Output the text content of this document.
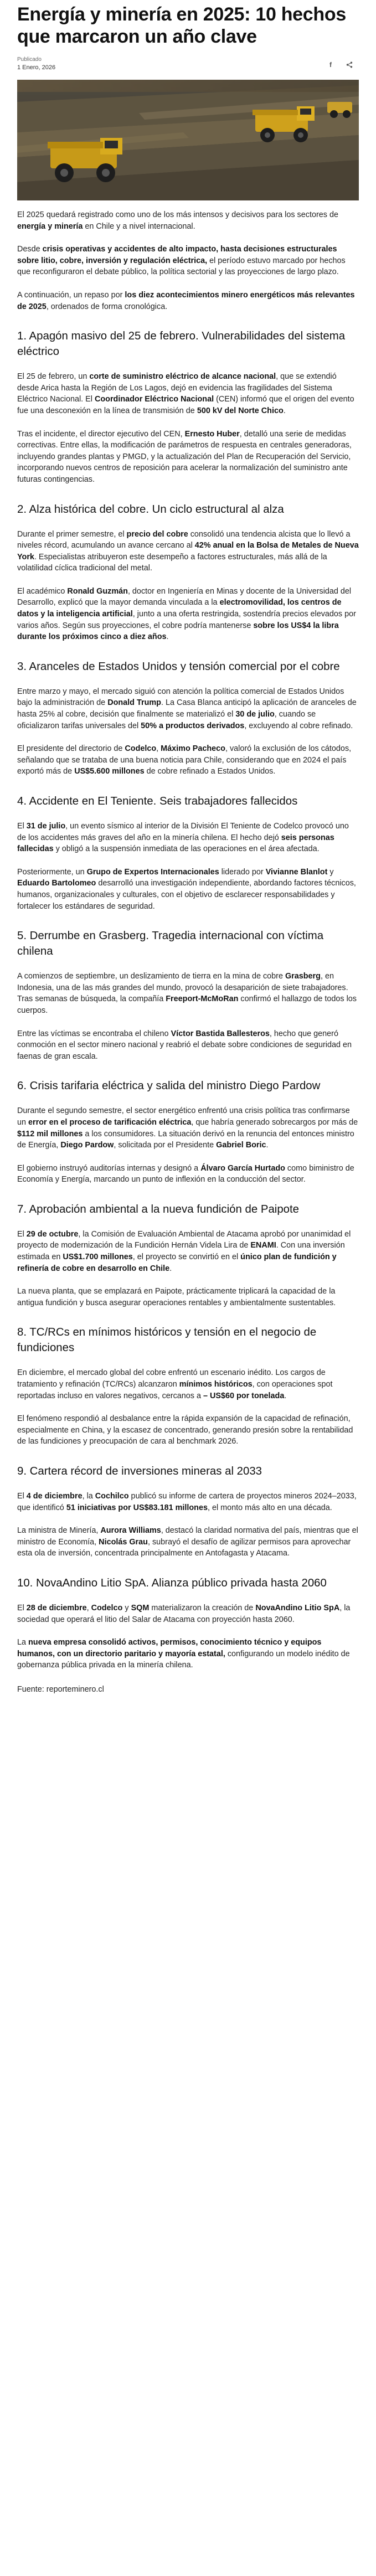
Energía y minería en 2025: 10 hechos que marcaron un año clave
Publicado
1 Enero, 2026	f

El 2025 quedará registrado como uno de los más intensos y decisivos para los sectores de energía y minería en Chile y a nivel internacional.

Desde crisis operativas y accidentes de alto impacto, hasta decisiones estructurales sobre litio, cobre, inversión y regulación eléctrica, el período estuvo marcado por hechos que reconfiguraron el debate público, la política sectorial y las proyecciones de largo plazo.

A continuación, un repaso por los diez acontecimientos minero energéticos más relevantes de 2025, ordenados de forma cronológica.

1. Apagón masivo del 25 de febrero. Vulnerabilidades del sistema eléctrico

El 25 de febrero, un corte de suministro eléctrico de alcance nacional, que se extendió desde Arica hasta la Región de Los Lagos, dejó en evidencia las fragilidades del Sistema Eléctrico Nacional. El Coordinador Eléctrico Nacional (CEN) informó que el origen del evento fue una desconexión en la línea de transmisión de 500 kV del Norte Chico.

Tras el incidente, el director ejecutivo del CEN, Ernesto Huber, detalló una serie de medidas correctivas. Entre ellas, la modificación de parámetros de respuesta en centrales generadoras, incluyendo grandes plantas y PMGD, y la actualización del Plan de Recuperación del Servicio, incorporando nuevos centros de reposición para acelerar la normalización del suministro ante futuras contingencias.

2. Alza histórica del cobre. Un ciclo estructural al alza

Durante el primer semestre, el precio del cobre consolidó una tendencia alcista que lo llevó a niveles récord, acumulando un avance cercano al 42% anual en la Bolsa de Metales de Nueva York. Especialistas atribuyeron este desempeño a factores estructurales, más allá de la volatilidad cíclica tradicional del metal.

El académico Ronald Guzmán, doctor en Ingeniería en Minas y docente de la Universidad del Desarrollo, explicó que la mayor demanda vinculada a la electromovilidad, los centros de datos y la inteligencia artificial, junto a una oferta restringida, sostendría precios elevados por varios años. Según sus proyecciones, el cobre podría mantenerse sobre los US$4 la libra durante los próximos cinco a diez años.

3. Aranceles de Estados Unidos y tensión comercial por el cobre

Entre marzo y mayo, el mercado siguió con atención la política comercial de Estados Unidos bajo la administración de Donald Trump. La Casa Blanca anticipó la aplicación de aranceles de hasta 25% al cobre, decisión que finalmente se materializó el 30 de julio, cuando se oficializaron tarifas universales del 50% a productos derivados, excluyendo al cobre refinado.

El presidente del directorio de Codelco, Máximo Pacheco, valoró la exclusión de los cátodos, señalando que se trataba de una buena noticia para Chile, considerando que en 2024 el país exportó más de US$5.600 millones de cobre refinado a Estados Unidos.

4. Accidente en El Teniente. Seis trabajadores fallecidos

El 31 de julio, un evento sísmico al interior de la División El Teniente de Codelco provocó uno de los accidentes más graves del año en la minería chilena. El hecho dejó seis personas fallecidas y obligó a la suspensión inmediata de las operaciones en el área afectada.

Posteriormente, un Grupo de Expertos Internacionales liderado por Vivianne Blanlot y Eduardo Bartolomeo desarrolló una investigación independiente, abordando factores técnicos, humanos, organizacionales y culturales, con el objetivo de esclarecer responsabilidades y fortalecer los estándares de seguridad.

5. Derrumbe en Grasberg. Tragedia internacional con víctima chilena

A comienzos de septiembre, un deslizamiento de tierra en la mina de cobre Grasberg, en Indonesia, una de las más grandes del mundo, provocó la desaparición de siete trabajadores. Tras semanas de búsqueda, la compañía Freeport-McMoRan confirmó el hallazgo de todos los cuerpos.

Entre las víctimas se encontraba el chileno Víctor Bastida Ballesteros, hecho que generó conmoción en el sector minero nacional y reabrió el debate sobre condiciones de seguridad en faenas de gran escala.

6. Crisis tarifaria eléctrica y salida del ministro Diego Pardow

Durante el segundo semestre, el sector energético enfrentó una crisis política tras confirmarse un error en el proceso de tarificación eléctrica, que habría generado sobrecargos por más de $112 mil millones a los consumidores. La situación derivó en la renuncia del entonces ministro de Energía, Diego Pardow, solicitada por el Presidente Gabriel Boric.

El gobierno instruyó auditorías internas y designó a Álvaro García Hurtado como biministro de Economía y Energía, marcando un punto de inflexión en la conducción del sector.

7. Aprobación ambiental a la nueva fundición de Paipote

El 29 de octubre, la Comisión de Evaluación Ambiental de Atacama aprobó por unanimidad el proyecto de modernización de la Fundición Hernán Videla Lira de ENAMI. Con una inversión estimada en US$1.700 millones, el proyecto se convirtió en el único plan de fundición y refinería de cobre en desarrollo en Chile.

La nueva planta, que se emplazará en Paipote, prácticamente triplicará la capacidad de la antigua fundición y busca asegurar operaciones rentables y ambientalmente sustentables.

8. TC/RCs en mínimos históricos y tensión en el negocio de fundiciones

En diciembre, el mercado global del cobre enfrentó un escenario inédito. Los cargos de tratamiento y refinación (TC/RCs) alcanzaron mínimos históricos, con operaciones spot reportadas incluso en valores negativos, cercanos a – US$60 por tonelada.

El fenómeno respondió al desbalance entre la rápida expansión de la capacidad de refinación, especialmente en China, y la escasez de concentrado, generando presión sobre la rentabilidad de las fundiciones y preocupación de cara al benchmark 2026.

9. Cartera récord de inversiones mineras al 2033

El 4 de diciembre, la Cochilco publicó su informe de cartera de proyectos mineros 2024–2033, que identificó 51 iniciativas por US$83.181 millones, el monto más alto en una década.

La ministra de Minería, Aurora Williams, destacó la claridad normativa del país, mientras que el ministro de Economía, Nicolás Grau, subrayó el desafío de agilizar permisos para aprovechar esta ola de inversión, concentrada principalmente en Antofagasta y Atacama.

10. NovaAndino Litio SpA. Alianza público privada hasta 2060

El 28 de diciembre, Codelco y SQM materializaron la creación de NovaAndino Litio SpA, la sociedad que operará el litio del Salar de Atacama con proyección hasta 2060.

La nueva empresa consolidó activos, permisos, conocimiento técnico y equipos humanos, con un directorio paritario y mayoría estatal, configurando un modelo inédito de gobernanza pública privada en la minería chilena.

Fuente: reporteminero.cl
